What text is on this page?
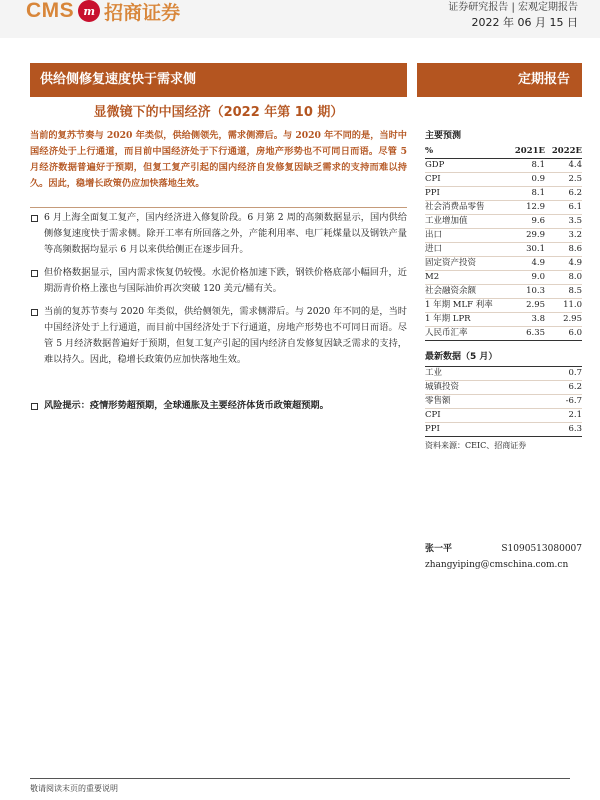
CMS m 招商证券	证券研究报告 | 宏观定期报告
2022 年 06 月 15 日
供给侧修复速度快于需求侧	定期报告
显微镜下的中国经济（2022 年第 10 期）
当前的复苏节奏与 2020 年类似，供给侧领先，需求侧滞后。与 2020 年不同的是，当时中国经济处于上行通道，而目前中国经济处于下行通道，房地产形势也不可同日而语。尽管 5 月经济数据普遍好于预期，但复工复产引起的国内经济自发修复因缺乏需求的支持而难以持久。因此，稳增长政策仍应加快落地生效。
6 月上海全面复工复产，国内经济进入修复阶段。6 月第 2 周的高频数据显示，国内供给侧修复速度快于需求侧。除开工率有所回落之外，产能利用率、电厂耗煤量以及钢铁产量等高频数据均显示 6 月以来供给侧正在逐步回升。
但价格数据显示，国内需求恢复仍较慢。水泥价格加速下跌，钢铁价格底部小幅回升，近期沥青价格上涨也与国际油价再次突破 120 美元/桶有关。
当前的复苏节奏与 2020 年类似，供给侧领先，需求侧滞后。与 2020 年不同的是，当时中国经济处于上行通道，而目前中国经济处于下行通道，房地产形势也不可同日而语。尽管 5 月经济数据普遍好于预期，但复工复产引起的国内经济自发修复因缺乏需求的支持，难以持久。因此，稳增长政策仍应加快落地生效。
风险提示：疫情形势超预期，全球通胀及主要经济体货币政策超预期。
主要预测
%	2021E	2022E
GDP	8.1	4.4
CPI	0.9	2.5
PPI	8.1	6.2
社会消费品零售	12.9	6.1
工业增加值	9.6	3.5
出口	29.9	3.2
进口	30.1	8.6
固定资产投资	4.9	4.9
M2	9.0	8.0
社会融资余额	10.3	8.5
1 年期 MLF 利率	2.95	11.0
1 年期 LPR	3.8	2.95
人民币汇率	6.35	6.0
最新数据（5 月）
工业	0.7
城镇投资	6.2
零售额	-6.7
CPI	2.1
PPI	6.3
资料来源：CEIC、招商证券
张一平	S1090513080007
zhangyiping@cmschina.com.cn
敬请阅读末页的重要说明
